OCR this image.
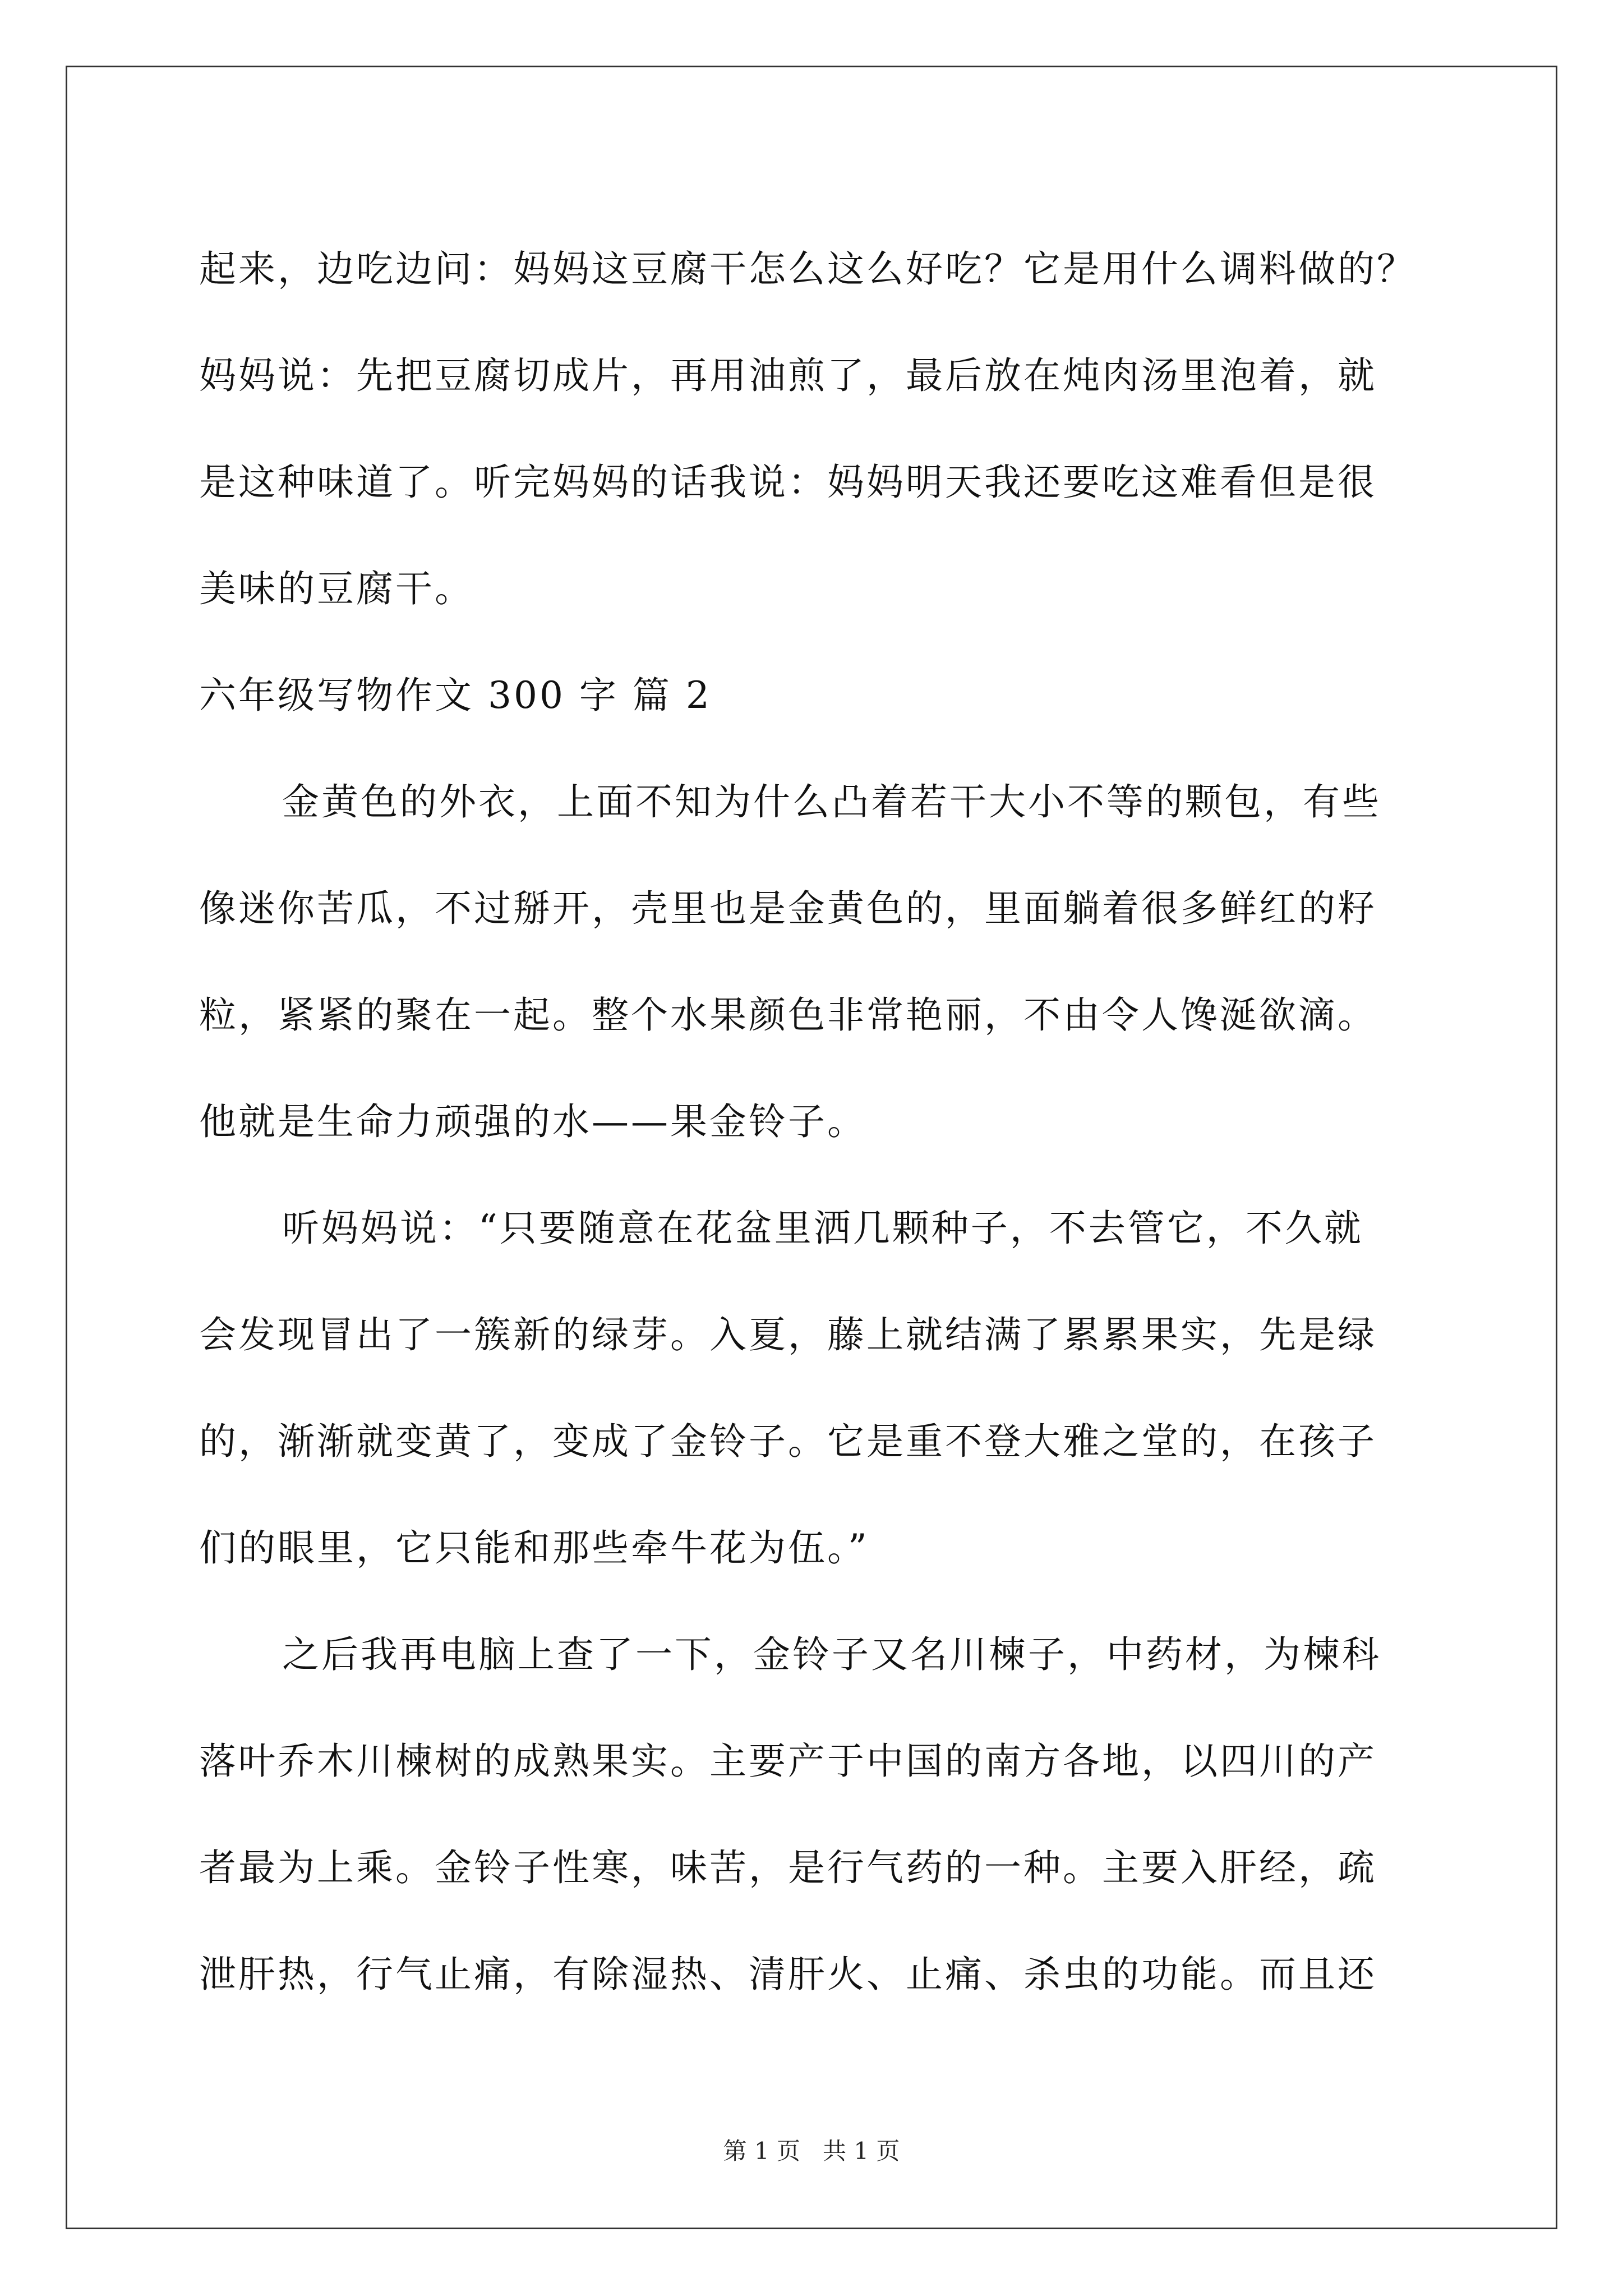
起来，边吃边问：妈妈这豆腐干怎么这么好吃？它是用什么调料做的？
妈妈说：先把豆腐切成片，再用油煎了，最后放在炖肉汤里泡着，就
是这种味道了。听完妈妈的话我说：妈妈明天我还要吃这难看但是很
美味的豆腐干。
六年级写物作文 300 字 篇 2
金黄色的外衣，上面不知为什么凸着若干大小不等的颗包，有些
像迷你苦瓜，不过掰开，壳里也是金黄色的，里面躺着很多鲜红的籽
粒，紧紧的聚在一起。整个水果颜色非常艳丽，不由令人馋涎欲滴。
他就是生命力顽强的水——果金铃子。
听妈妈说：“只要随意在花盆里洒几颗种子，不去管它，不久就
会发现冒出了一簇新的绿芽。入夏，藤上就结满了累累果实，先是绿
的，渐渐就变黄了，变成了金铃子。它是重不登大雅之堂的，在孩子
们的眼里，它只能和那些牵牛花为伍。”
之后我再电脑上查了一下，金铃子又名川楝子，中药材，为楝科
落叶乔木川楝树的成熟果实。主要产于中国的南方各地，以四川的产
者最为上乘。金铃子性寒，味苦，是行气药的一种。主要入肝经，疏
泄肝热，行气止痛，有除湿热、清肝火、止痛、杀虫的功能。而且还
第 1 页 共 1 页
